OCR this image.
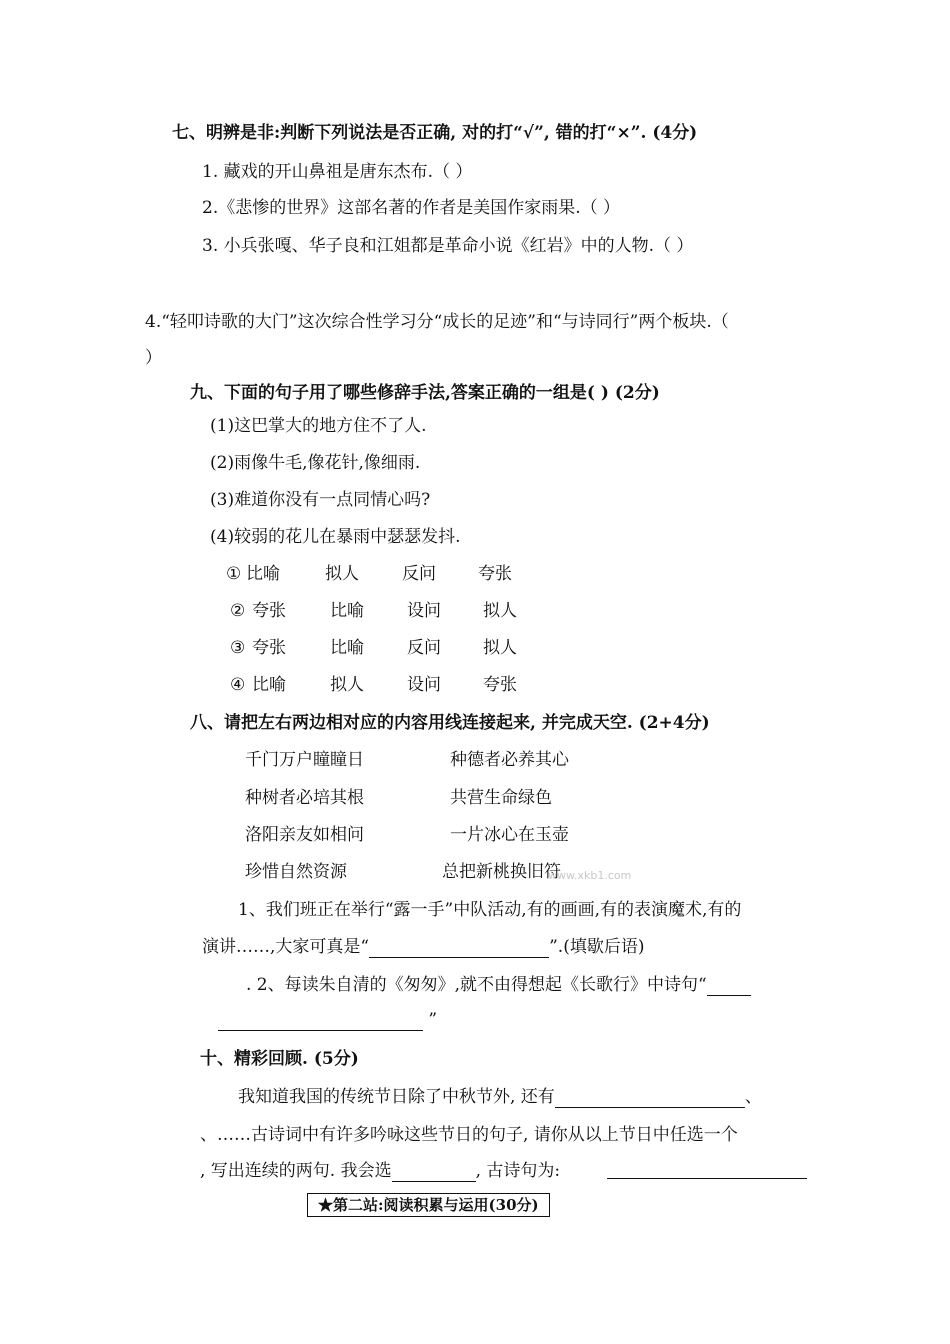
七、明辨是非:判断下列说法是否正确, 对的打“√”, 错的打“×”. (4分)
1. 藏戏的开山鼻祖是唐东杰布.（ ）
2.《悲惨的世界》这部名著的作者是美国作家雨果.（ ）
3. 小兵张嘎、华子良和江姐都是革命小说《红岩》中的人物.（ ）
4.“轻叩诗歌的大门”这次综合性学习分“成长的足迹”和“与诗同行”两个板块.（
）
九、下面的句子用了哪些修辞手法,答案正确的一组是( ) (2分)
(1)这巴掌大的地方住不了人.
(2)雨像牛毛,像花针,像细雨.
(3)难道你没有一点同情心吗?
(4)较弱的花儿在暴雨中瑟瑟发抖.
① 比喻	拟人	反问 夸张
② 夸张	比喻	设问 拟人
③ 夸张	比喻	反问 拟人
④ 比喻	拟人	设问 夸张
八、请把左右两边相对应的内容用线连接起来, 并完成天空. (2+4分)
千门万户瞳瞳日	种德者必养其心
种树者必培其根	共营生命绿色
洛阳亲友如相问	一片冰心在玉壶
珍惜自然资源	总把新桃换旧符
www.xkb1.com
1、我们班正在举行“露一手”中队活动,有的画画,有的表演魔术,有的
演讲……,大家可真是“	”.(填歇后语)
. 2、每读朱自清的《匆匆》,就不由得想起《长歌行》中诗句“
”
十、精彩回顾. (5分)
我知道我国的传统节日除了中秋节外, 还有	、
、……古诗词中有许多吟咏这些节日的句子, 请你从以上节日中任选一个
, 写出连续的两句. 我会选	, 古诗句为:
★第二站:阅读积累与运用(30分)
